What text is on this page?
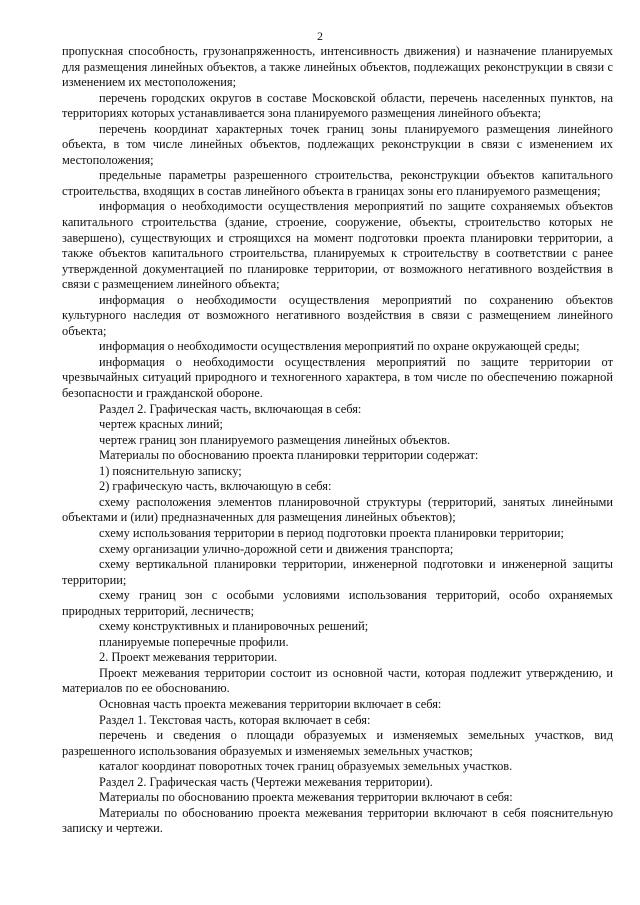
2

пропускная способность, грузонапряженность, интенсивность движения) и назначение планируемых для размещения линейных объектов, а также линейных объектов, подлежащих реконструкции в связи с изменением их местоположения;

перечень городских округов в составе Московской области, перечень населенных пунктов, на территориях которых устанавливается зона планируемого размещения линейного объекта;

перечень координат характерных точек границ зоны планируемого размещения линейного объекта, в том числе линейных объектов, подлежащих реконструкции в связи с изменением их местоположения;

предельные параметры разрешенного строительства, реконструкции объектов капитального строительства, входящих в состав линейного объекта в границах зоны его планируемого размещения;

информация о необходимости осуществления мероприятий по защите сохраняемых объектов капитального строительства (здание, строение, сооружение, объекты, строительство которых не завершено), существующих и строящихся на момент подготовки проекта планировки территории, а также объектов капитального строительства, планируемых к строительству в соответствии с ранее утвержденной документацией по планировке территории, от возможного негативного воздействия в связи с размещением линейного объекта;

информация о необходимости осуществления мероприятий по сохранению объектов культурного наследия от возможного негативного воздействия в связи с размещением линейного объекта;

информация о необходимости осуществления мероприятий по охране окружающей среды;

информация о необходимости осуществления мероприятий по защите территории от чрезвычайных ситуаций природного и техногенного характера, в том числе по обеспечению пожарной безопасности и гражданской обороне.

Раздел 2. Графическая часть, включающая в себя:

чертеж красных линий;

чертеж границ зон планируемого размещения линейных объектов.

Материалы по обоснованию проекта планировки территории содержат:

1) пояснительную записку;

2) графическую часть, включающую в себя:

схему расположения элементов планировочной структуры (территорий, занятых линейными объектами и (или) предназначенных для размещения линейных объектов);

схему использования территории в период подготовки проекта планировки территории;

схему организации улично-дорожной сети и движения транспорта;

схему вертикальной планировки территории, инженерной подготовки и инженерной защиты территории;

схему границ зон с особыми условиями использования территорий, особо охраняемых природных территорий, лесничеств;

схему конструктивных и планировочных решений;

планируемые поперечные профили.

2. Проект межевания территории.

Проект межевания территории состоит из основной части, которая подлежит утверждению, и материалов по ее обоснованию.

Основная часть проекта межевания территории включает в себя:

Раздел 1. Текстовая часть, которая включает в себя:

перечень и сведения о площади образуемых и изменяемых земельных участков, вид разрешенного использования образуемых и изменяемых земельных участков;

каталог координат поворотных точек границ образуемых земельных участков.

Раздел 2. Графическая часть (Чертежи межевания территории).

Материалы по обоснованию проекта межевания территории включают в себя:

Материалы по обоснованию проекта межевания территории включают в себя пояснительную записку и чертежи.
